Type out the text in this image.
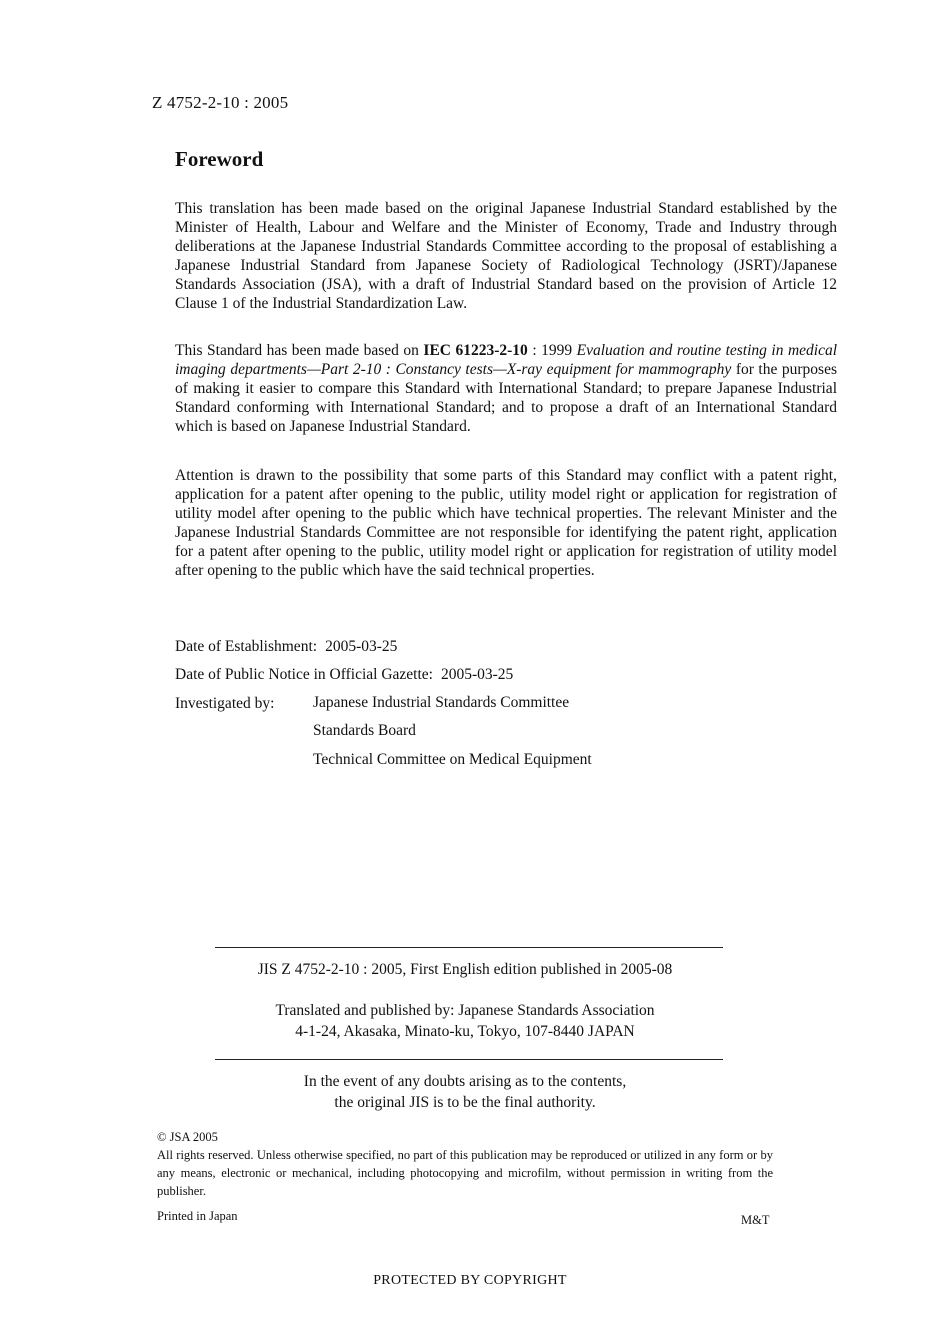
Z 4752-2-10 : 2005
Foreword
This translation has been made based on the original Japanese Industrial Standard established by the Minister of Health, Labour and Welfare and the Minister of Economy, Trade and Industry through deliberations at the Japanese Industrial Standards Committee according to the proposal of establishing a Japanese Industrial Standard from Japanese Society of Radiological Technology (JSRT)/Japanese Standards Association (JSA), with a draft of Industrial Standard based on the provision of Article 12 Clause 1 of the Industrial Standardization Law.
This Standard has been made based on IEC 61223-2-10 : 1999 Evaluation and routine testing in medical imaging departments—Part 2-10 : Constancy tests—X-ray equipment for mammography for the purposes of making it easier to compare this Standard with International Standard; to prepare Japanese Industrial Standard conforming with International Standard; and to propose a draft of an International Standard which is based on Japanese Industrial Standard.
Attention is drawn to the possibility that some parts of this Standard may conflict with a patent right, application for a patent after opening to the public, utility model right or application for registration of utility model after opening to the public which have technical properties. The relevant Minister and the Japanese Industrial Standards Committee are not responsible for identifying the patent right, application for a patent after opening to the public, utility model right or application for registration of utility model after opening to the public which have the said technical properties.
Date of Establishment: 2005-03-25
Date of Public Notice in Official Gazette: 2005-03-25
Investigated by: Japanese Industrial Standards Committee
Standards Board
Technical Committee on Medical Equipment
JIS Z 4752-2-10 : 2005, First English edition published in 2005-08
Translated and published by: Japanese Standards Association
4-1-24, Akasaka, Minato-ku, Tokyo, 107-8440 JAPAN
In the event of any doubts arising as to the contents,
the original JIS is to be the final authority.
© JSA 2005
All rights reserved. Unless otherwise specified, no part of this publication may be reproduced or utilized in any form or by any means, electronic or mechanical, including photocopying and microfilm, without permission in writing from the publisher.
Printed in Japan	M&T
PROTECTED BY COPYRIGHT
